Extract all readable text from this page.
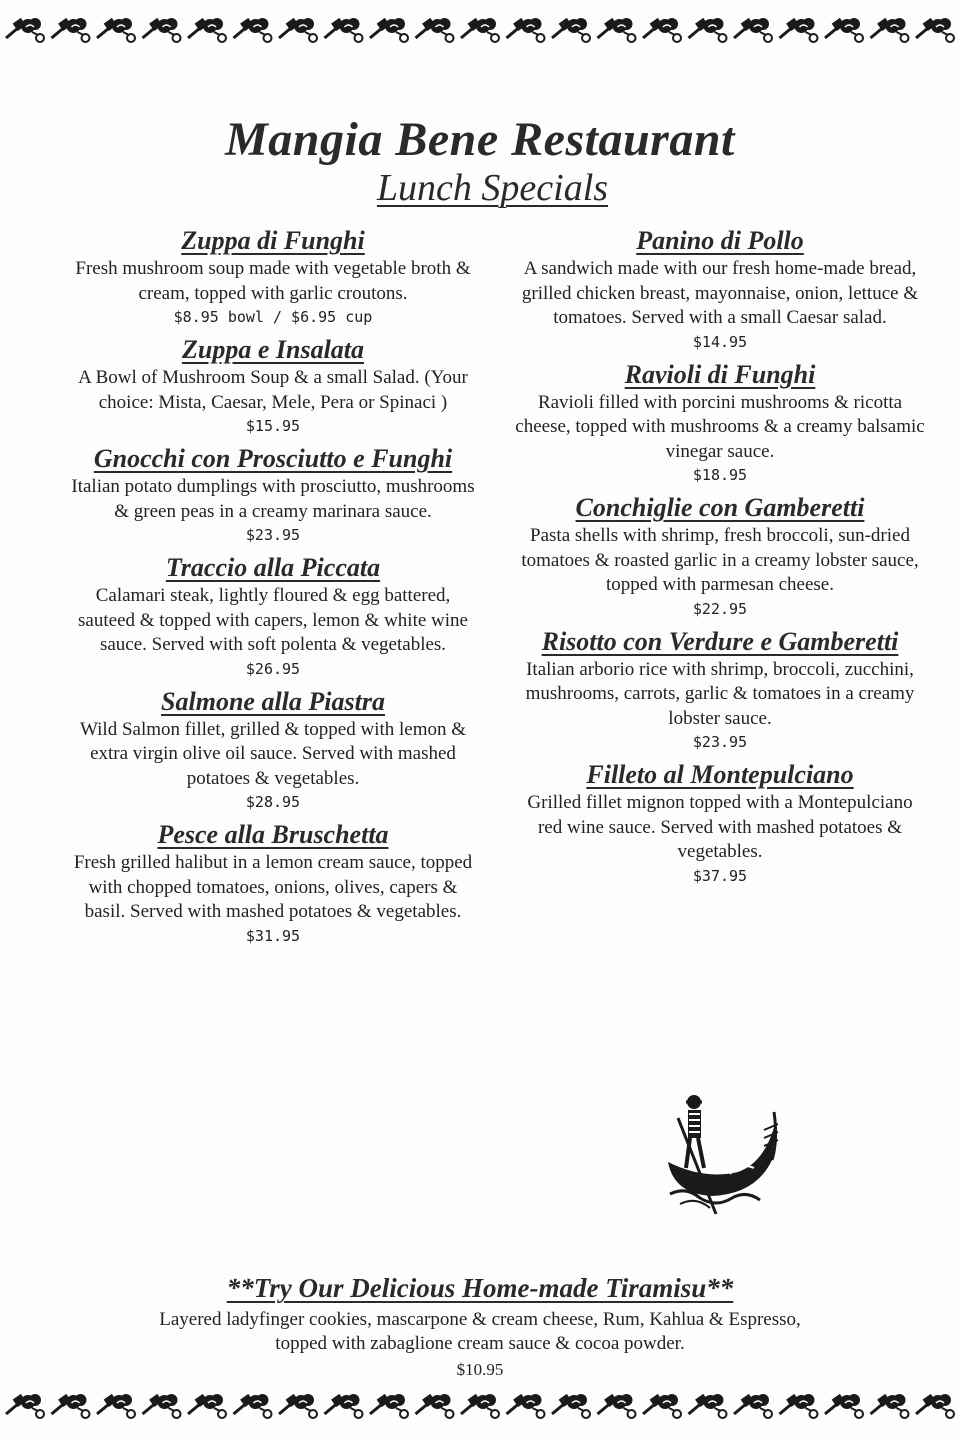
Mangia Bene Restaurant
Lunch Specials
Zuppa di Funghi
Fresh mushroom soup made with vegetable broth & cream, topped with garlic croutons.
$8.95 bowl / $6.95 cup
Zuppa e Insalata
A Bowl of Mushroom Soup & a small Salad. (Your choice: Mista, Caesar, Mele, Pera or Spinaci )
$15.95
Gnocchi con Prosciutto e Funghi
Italian potato dumplings with prosciutto, mushrooms & green peas in a creamy marinara sauce.
$23.95
Traccio alla Piccata
Calamari steak, lightly floured & egg battered, sauteed & topped with capers, lemon & white wine sauce. Served with soft polenta & vegetables.
$26.95
Salmone alla Piastra
Wild Salmon fillet, grilled & topped with lemon & extra virgin olive oil sauce. Served with mashed potatoes & vegetables.
$28.95
Pesce alla Bruschetta
Fresh grilled halibut in a lemon cream sauce, topped with chopped tomatoes, onions, olives, capers & basil. Served with mashed potatoes & vegetables.
$31.95
Panino di Pollo
A sandwich made with our fresh home-made bread, grilled chicken breast, mayonnaise, onion, lettuce & tomatoes. Served with a small Caesar salad.
$14.95
Ravioli di Funghi
Ravioli filled with porcini mushrooms & ricotta cheese, topped with mushrooms & a creamy balsamic vinegar sauce.
$18.95
Conchiglie con Gamberetti
Pasta shells with shrimp, fresh broccoli, sun-dried tomatoes & roasted garlic in a creamy lobster sauce, topped with parmesan cheese.
$22.95
Risotto con Verdure e Gamberetti
Italian arborio rice with shrimp, broccoli, zucchini, mushrooms, carrots, garlic & tomatoes in a creamy lobster sauce.
$23.95
Filleto al Montepulciano
Grilled fillet mignon topped with a Montepulciano red wine sauce. Served with mashed potatoes & vegetables.
$37.95
**Try Our Delicious Home-made Tiramisu**
Layered ladyfinger cookies, mascarpone & cream cheese, Rum, Kahlua & Espresso,
topped with zabaglione cream sauce & cocoa powder.
$10.95
